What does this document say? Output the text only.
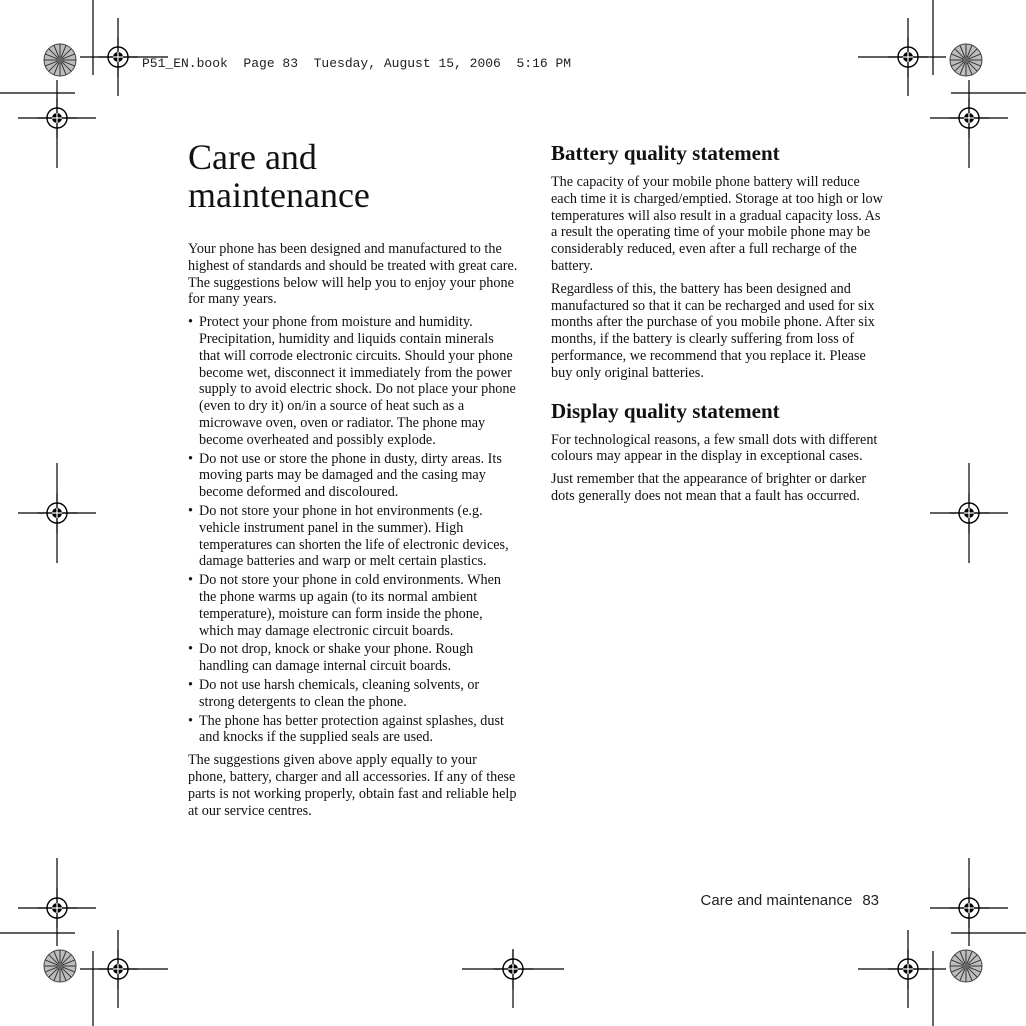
P51_EN.book  Page 83  Tuesday, August 15, 2006  5:16 PM
Care and maintenance

Your phone has been designed and manufactured to the highest of standards and should be treated with great care. The suggestions below will help you to enjoy your phone for many years.

• Protect your phone from moisture and humidity. Precipitation, humidity and liquids contain minerals that will corrode electronic circuits. Should your phone become wet, disconnect it immediately from the power supply to avoid electric shock. Do not place your phone (even to dry it) on/in a source of heat such as a microwave oven, oven or radiator. The phone may become overheated and possibly explode.
• Do not use or store the phone in dusty, dirty areas. Its moving parts may be damaged and the casing may become deformed and discoloured.
• Do not store your phone in hot environments (e.g. vehicle instrument panel in the summer). High temperatures can shorten the life of electronic devices, damage batteries and warp or melt certain plastics.
• Do not store your phone in cold environments. When the phone warms up again (to its normal ambient temperature), moisture can form inside the phone, which may damage electronic circuit boards.
• Do not drop, knock or shake your phone. Rough handling can damage internal circuit boards.
• Do not use harsh chemicals, cleaning solvents, or strong detergents to clean the phone.
• The phone has better protection against splashes, dust and knocks if the supplied seals are used.

The suggestions given above apply equally to your phone, battery, charger and all accessories. If any of these parts is not working properly, obtain fast and reliable help at our service centres.

Battery quality statement

The capacity of your mobile phone battery will reduce each time it is charged/emptied. Storage at too high or low temperatures will also result in a gradual capacity loss. As a result the operating time of your mobile phone may be considerably reduced, even after a full recharge of the battery.

Regardless of this, the battery has been designed and manufactured so that it can be recharged and used for six months after the purchase of you mobile phone. After six months, if the battery is clearly suffering from loss of performance, we recommend that you replace it. Please buy only original batteries.

Display quality statement

For technological reasons, a few small dots with different colours may appear in the display in exceptional cases.

Just remember that the appearance of brighter or darker dots generally does not mean that a fault has occurred.

Care and maintenance 83
